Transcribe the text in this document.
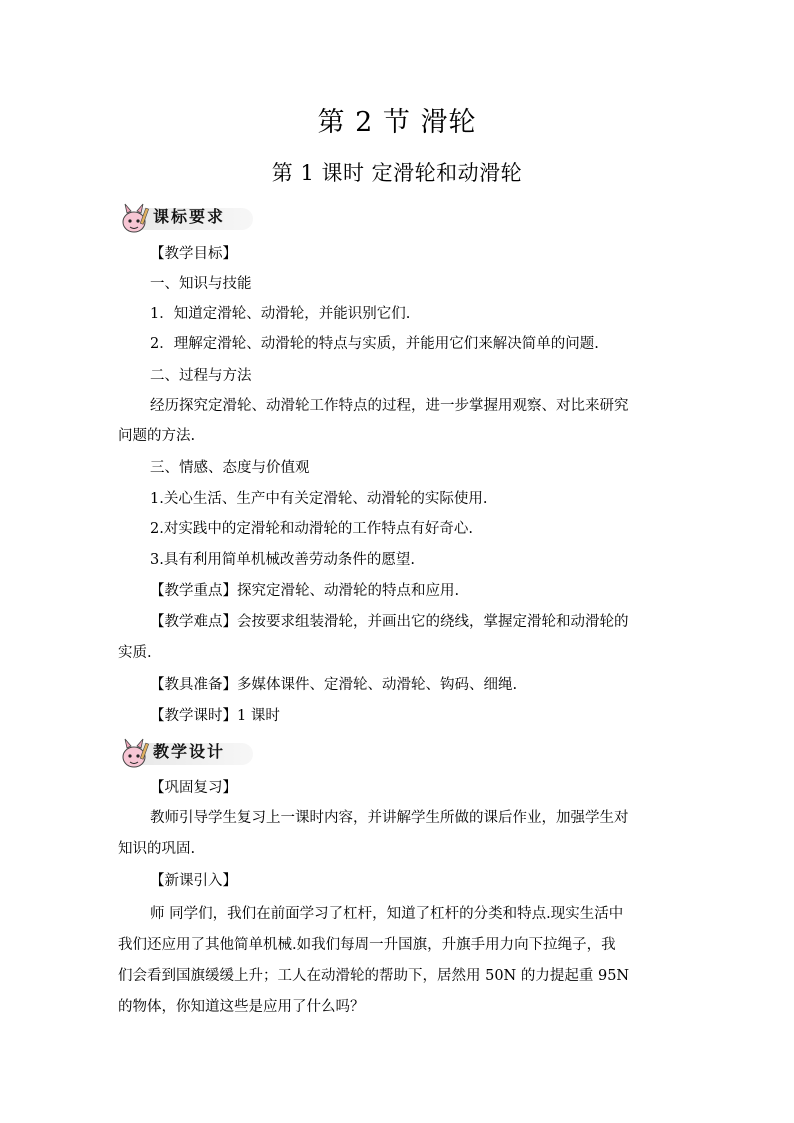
第 2 节 滑轮
第 1 课时 定滑轮和动滑轮
课标要求
【教学目标】
一、知识与技能
1．知道定滑轮、动滑轮，并能识别它们.
2．理解定滑轮、动滑轮的特点与实质，并能用它们来解决简单的问题.
二、过程与方法
经历探究定滑轮、动滑轮工作特点的过程，进一步掌握用观察、对比来研究
问题的方法.
三、情感、态度与价值观
1.关心生活、生产中有关定滑轮、动滑轮的实际使用.
2.对实践中的定滑轮和动滑轮的工作特点有好奇心.
3.具有利用简单机械改善劳动条件的愿望.
【教学重点】探究定滑轮、动滑轮的特点和应用.
【教学难点】会按要求组装滑轮，并画出它的绕线，掌握定滑轮和动滑轮的
实质.
【教具准备】多媒体课件、定滑轮、动滑轮、钩码、细绳.
【教学课时】1 课时
教学设计
【巩固复习】
教师引导学生复习上一课时内容，并讲解学生所做的课后作业，加强学生对
知识的巩固.
【新课引入】
师 同学们，我们在前面学习了杠杆，知道了杠杆的分类和特点.现实生活中
我们还应用了其他简单机械.如我们每周一升国旗，升旗手用力向下拉绳子，我
们会看到国旗缓缓上升；工人在动滑轮的帮助下，居然用 50N 的力提起重 95N
的物体，你知道这些是应用了什么吗？
